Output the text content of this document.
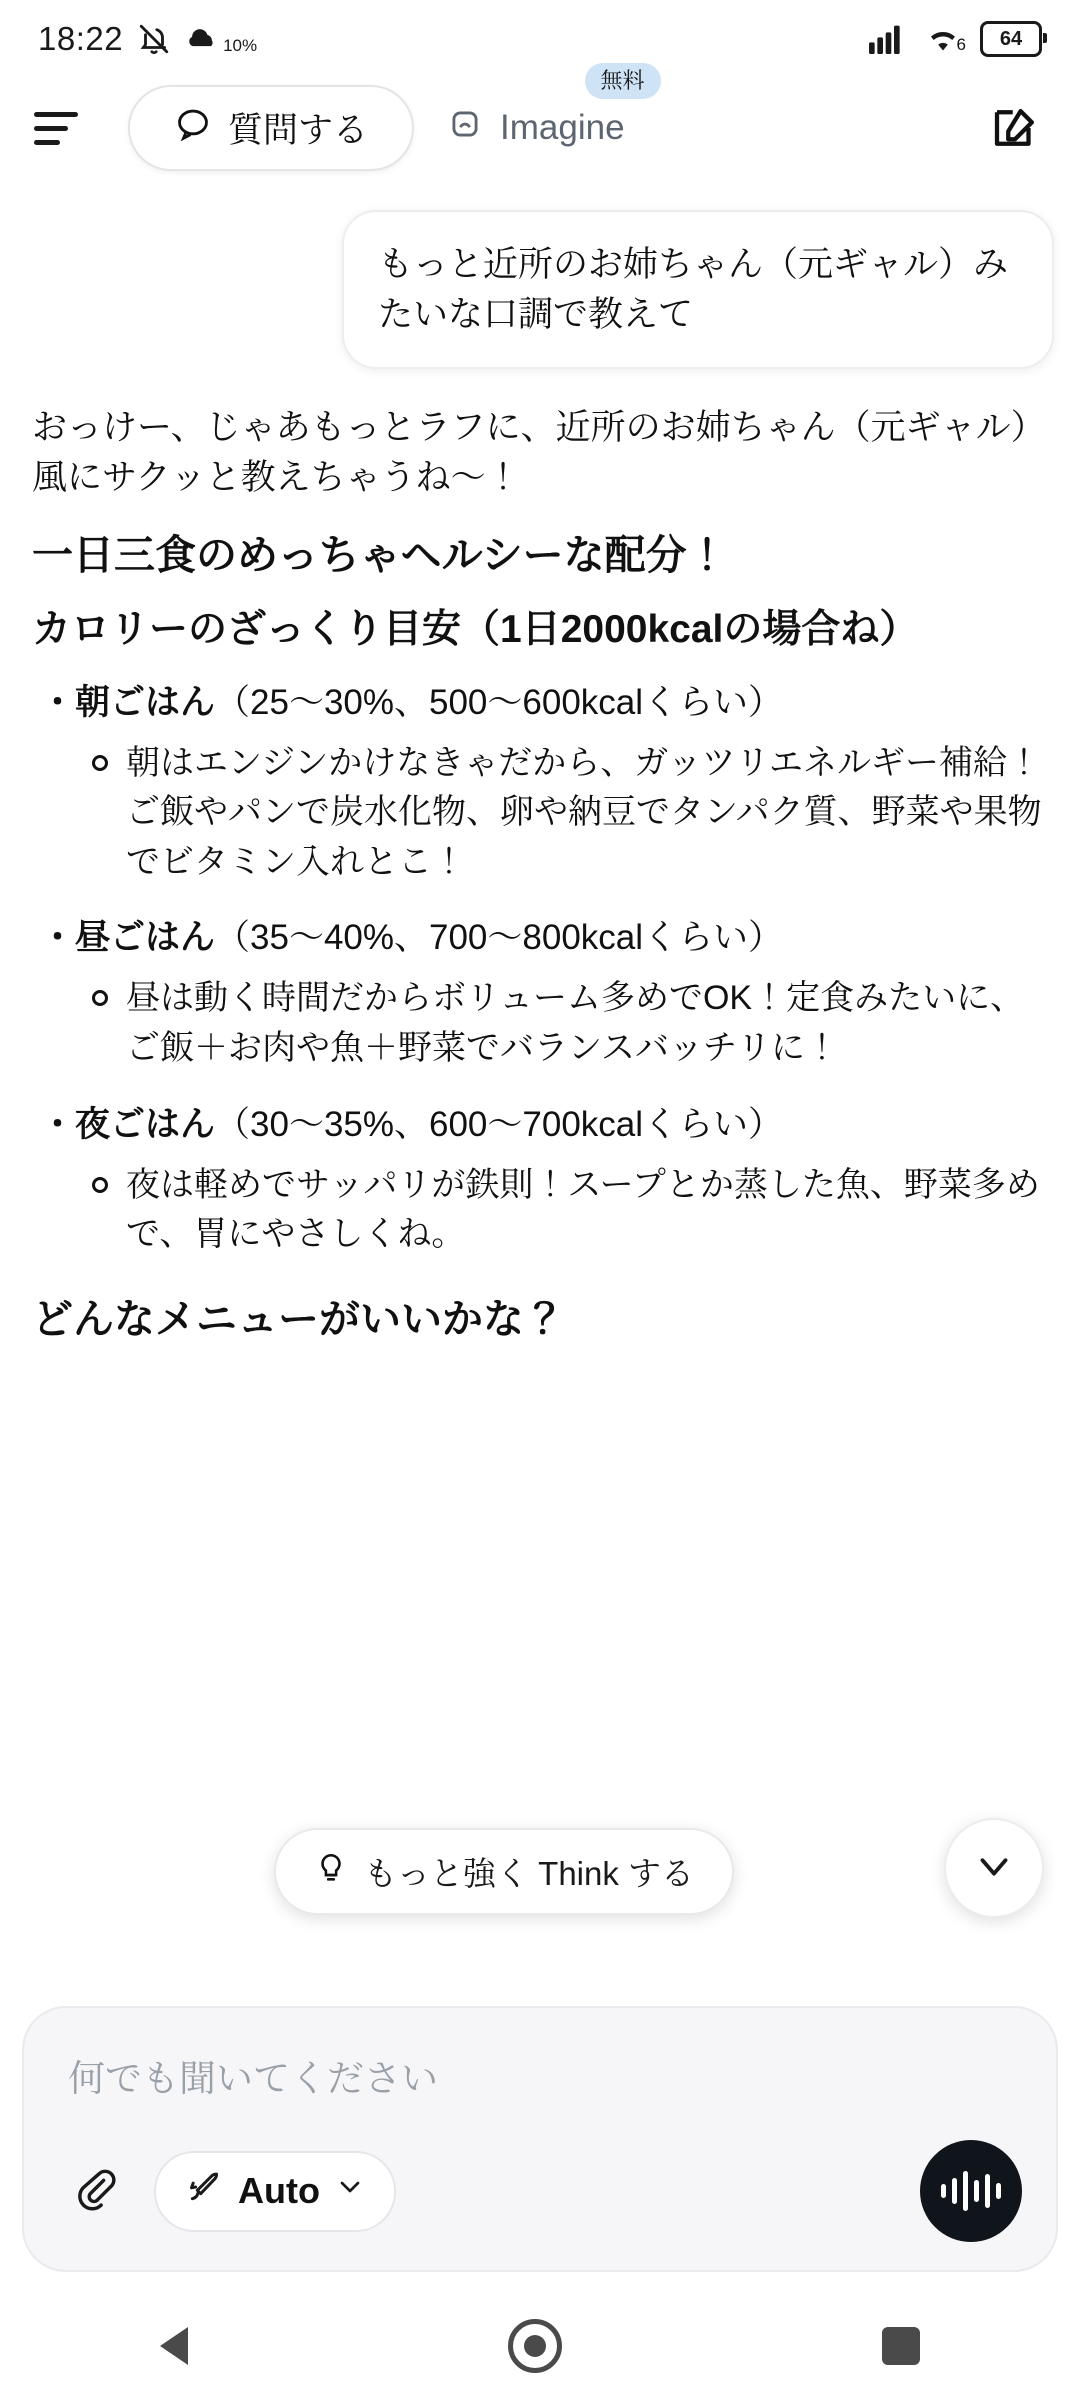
18:22	10%	6 64
質問する	Imagine
無料
もっと近所のお姉ちゃん（元ギャル）みたいな口調で教えて

おっけー、じゃあもっとラフに、近所のお姉ちゃん（元ギャル）風にサクッと教えちゃうね〜！

一日三食のめっちゃヘルシーな配分！
カロリーのざっくり目安（1日2000kcalの場合ね）
・朝ごはん（25〜30%、500〜600kcalくらい）
朝はエンジンかけなきゃだから、ガッツリエネルギー補給！ご飯やパンで炭水化物、卵や納豆でタンパク質、野菜や果物でビタミン入れとこ！
・昼ごはん（35〜40%、700〜800kcalくらい）
昼は動く時間だからボリューム多めでOK！定食みたいに、ご飯＋お肉や魚＋野菜でバランスバッチリに！
・夜ごはん（30〜35%、600〜700kcalくらい）
夜は軽めでサッパリが鉄則！スープとか蒸した魚、野菜多めで、胃にやさしくね。
どんなメニューがいいかな？
もっと強く Think する
何でも聞いてください
Auto
